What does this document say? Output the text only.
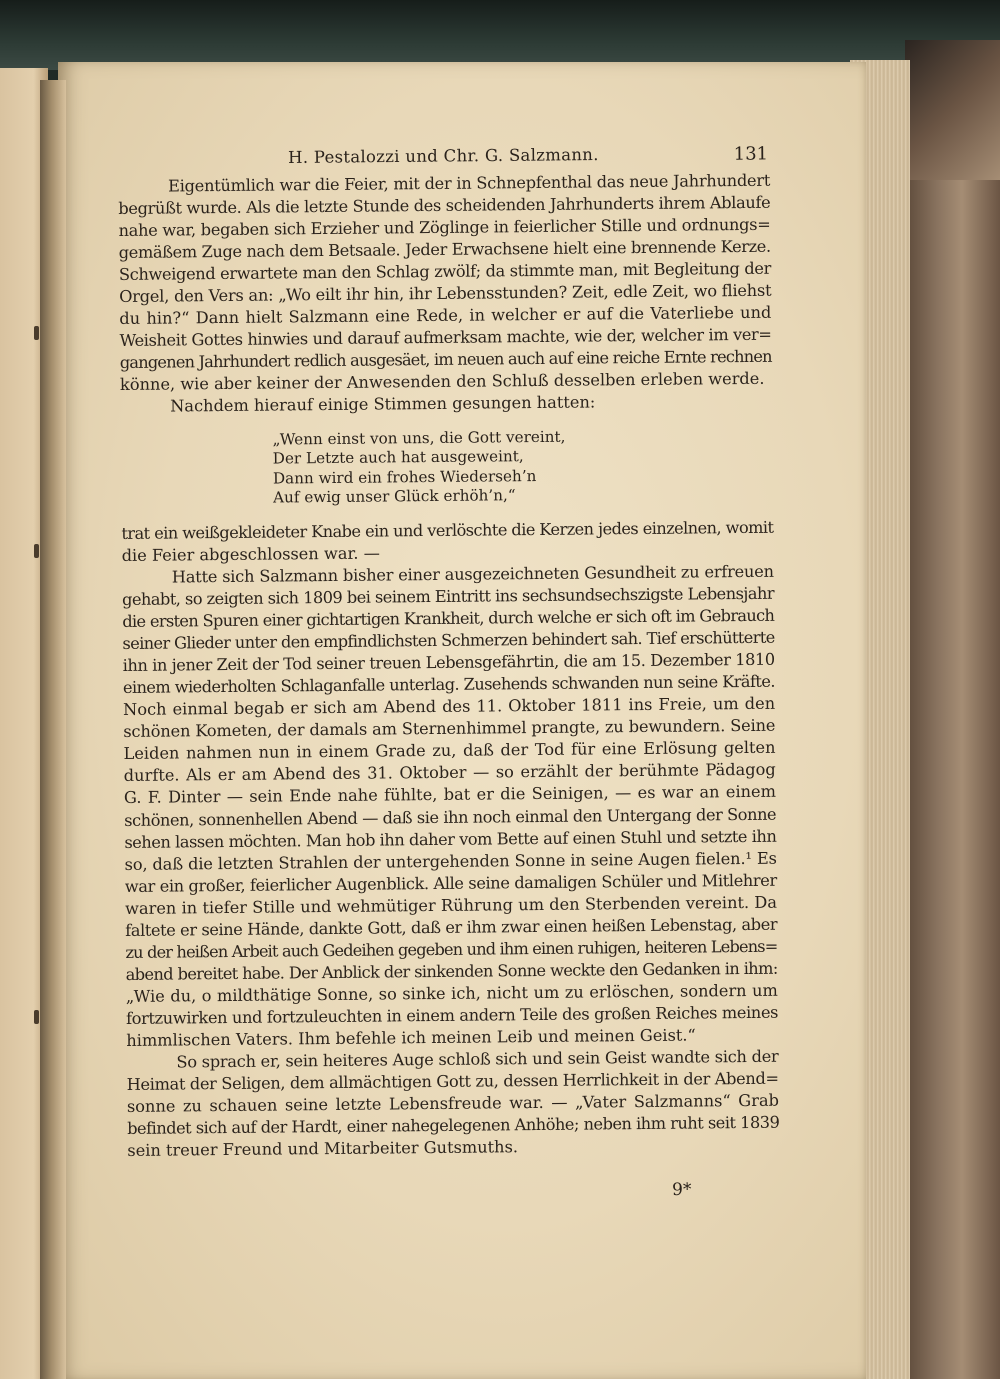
H. Pestalozzi und Chr. G. Salzmann.	131
Eigentümlich war die Feier, mit der in Schnepfenthal das neue Jahrhundert
begrüßt wurde. Als die letzte Stunde des scheidenden Jahrhunderts ihrem Ablaufe
nahe war, begaben sich Erzieher und Zöglinge in feierlicher Stille und ordnungs=
gemäßem Zuge nach dem Betsaale. Jeder Erwachsene hielt eine brennende Kerze.
Schweigend erwartete man den Schlag zwölf; da stimmte man, mit Begleitung der
Orgel, den Vers an: „Wo eilt ihr hin, ihr Lebensstunden? Zeit, edle Zeit, wo fliehst
du hin?“ Dann hielt Salzmann eine Rede, in welcher er auf die Vaterliebe und
Weisheit Gottes hinwies und darauf aufmerksam machte, wie der, welcher im ver=
gangenen Jahrhundert redlich ausgesäet, im neuen auch auf eine reiche Ernte rechnen
könne, wie aber keiner der Anwesenden den Schluß desselben erleben werde.
Nachdem hierauf einige Stimmen gesungen hatten:
„Wenn einst von uns, die Gott vereint,
Der Letzte auch hat ausgeweint,
Dann wird ein frohes Wiederseh’n
Auf ewig unser Glück erhöh’n,“
trat ein weißgekleideter Knabe ein und verlöschte die Kerzen jedes einzelnen, womit
die Feier abgeschlossen war. —
Hatte sich Salzmann bisher einer ausgezeichneten Gesundheit zu erfreuen
gehabt, so zeigten sich 1809 bei seinem Eintritt ins sechsundsechszigste Lebensjahr
die ersten Spuren einer gichtartigen Krankheit, durch welche er sich oft im Gebrauch
seiner Glieder unter den empfindlichsten Schmerzen behindert sah. Tief erschütterte
ihn in jener Zeit der Tod seiner treuen Lebensgefährtin, die am 15. Dezember 1810
einem wiederholten Schlaganfalle unterlag. Zusehends schwanden nun seine Kräfte.
Noch einmal begab er sich am Abend des 11. Oktober 1811 ins Freie, um den
schönen Kometen, der damals am Sternenhimmel prangte, zu bewundern. Seine
Leiden nahmen nun in einem Grade zu, daß der Tod für eine Erlösung gelten
durfte. Als er am Abend des 31. Oktober — so erzählt der berühmte Pädagog
G. F. Dinter — sein Ende nahe fühlte, bat er die Seinigen, — es war an einem
schönen, sonnenhellen Abend — daß sie ihn noch einmal den Untergang der Sonne
sehen lassen möchten. Man hob ihn daher vom Bette auf einen Stuhl und setzte ihn
so, daß die letzten Strahlen der untergehenden Sonne in seine Augen fielen.¹ Es
war ein großer, feierlicher Augenblick. Alle seine damaligen Schüler und Mitlehrer
waren in tiefer Stille und wehmütiger Rührung um den Sterbenden vereint. Da
faltete er seine Hände, dankte Gott, daß er ihm zwar einen heißen Lebenstag, aber
zu der heißen Arbeit auch Gedeihen gegeben und ihm einen ruhigen, heiteren Lebens=
abend bereitet habe. Der Anblick der sinkenden Sonne weckte den Gedanken in ihm:
„Wie du, o mildthätige Sonne, so sinke ich, nicht um zu erlöschen, sondern um
fortzuwirken und fortzuleuchten in einem andern Teile des großen Reiches meines
himmlischen Vaters. Ihm befehle ich meinen Leib und meinen Geist.“
So sprach er, sein heiteres Auge schloß sich und sein Geist wandte sich der
Heimat der Seligen, dem allmächtigen Gott zu, dessen Herrlichkeit in der Abend=
sonne zu schauen seine letzte Lebensfreude war. — „Vater Salzmanns“ Grab
befindet sich auf der Hardt, einer nahegelegenen Anhöhe; neben ihm ruht seit 1839
sein treuer Freund und Mitarbeiter Gutsmuths.
9*
